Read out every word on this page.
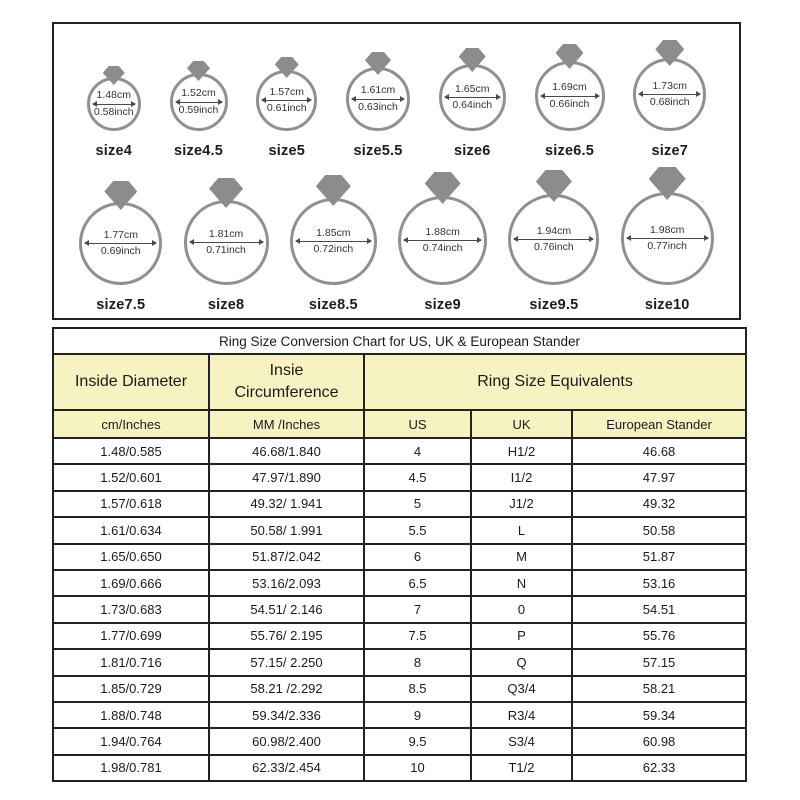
1.48cm
0.58inch
size4
1.52cm
0.59inch
size4.5
1.57cm
0.61inch
size5
1.61cm
0.63inch
size5.5
1.65cm
0.64inch
size6
1.69cm
0.66inch
size6.5
1.73cm
0.68inch
size7
1.77cm
0.69inch
size7.5
1.81cm
0.71inch
size8
1.85cm
0.72inch
size8.5
1.88cm
0.74inch
size9
1.94cm
0.76inch
size9.5
1.98cm
0.77inch
size10
Ring Size Conversion Chart for US, UK & European Stander				
Inside Diameter	Insie Circumference	Ring Size Equivalents		
cm/Inches	MM /Inches	US	UK	European Stander
1.48/0.585	46.68/1.840	4	H1/2	46.68
1.52/0.601	47.97/1.890	4.5	I1/2	47.97
1.57/0.618	49.32/ 1.941	5	J1/2	49.32
1.61/0.634	50.58/ 1.991	5.5	L	50.58
1.65/0.650	51.87/2.042	6	M	51.87
1.69/0.666	53.16/2.093	6.5	N	53.16
1.73/0.683	54.51/ 2.146	7	0	54.51
1.77/0.699	55.76/ 2.195	7.5	P	55.76
1.81/0.716	57.15/ 2.250	8	Q	57.15
1.85/0.729	58.21 /2.292	8.5	Q3/4	58.21
1.88/0.748	59.34/2.336	9	R3/4	59.34
1.94/0.764	60.98/2.400	9.5	S3/4	60.98
1.98/0.781	62.33/2.454	10	T1/2	62.33
